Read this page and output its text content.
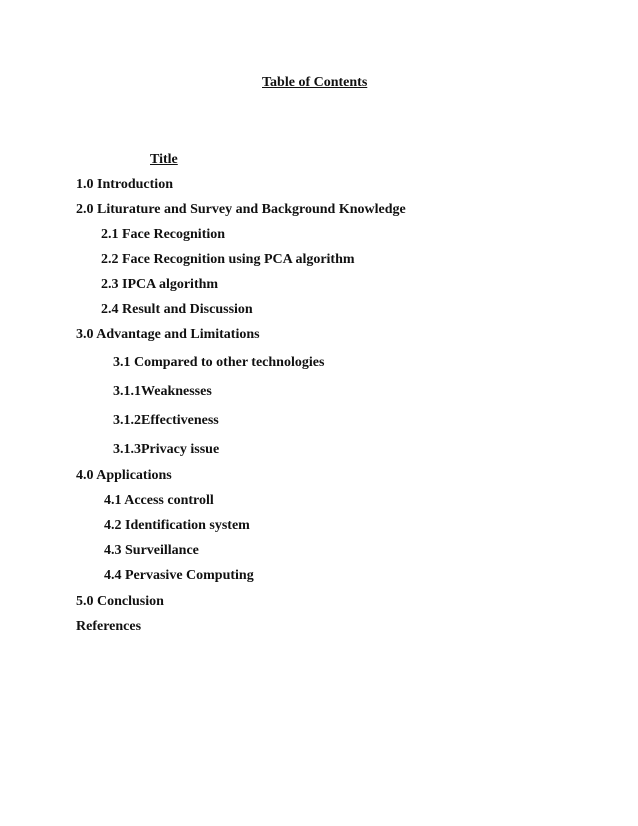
Table of Contents
Title
1.0 Introduction
2.0 Liturature and Survey and Background Knowledge
2.1 Face Recognition
2.2 Face Recognition using PCA algorithm
2.3 IPCA algorithm
2.4 Result and Discussion
3.0 Advantage and Limitations
3.1 Compared to other technologies
3.1.1Weaknesses
3.1.2Effectiveness
3.1.3Privacy issue
4.0 Applications
4.1 Access controll
4.2 Identification system
4.3 Surveillance
4.4 Pervasive Computing
5.0 Conclusion
References
